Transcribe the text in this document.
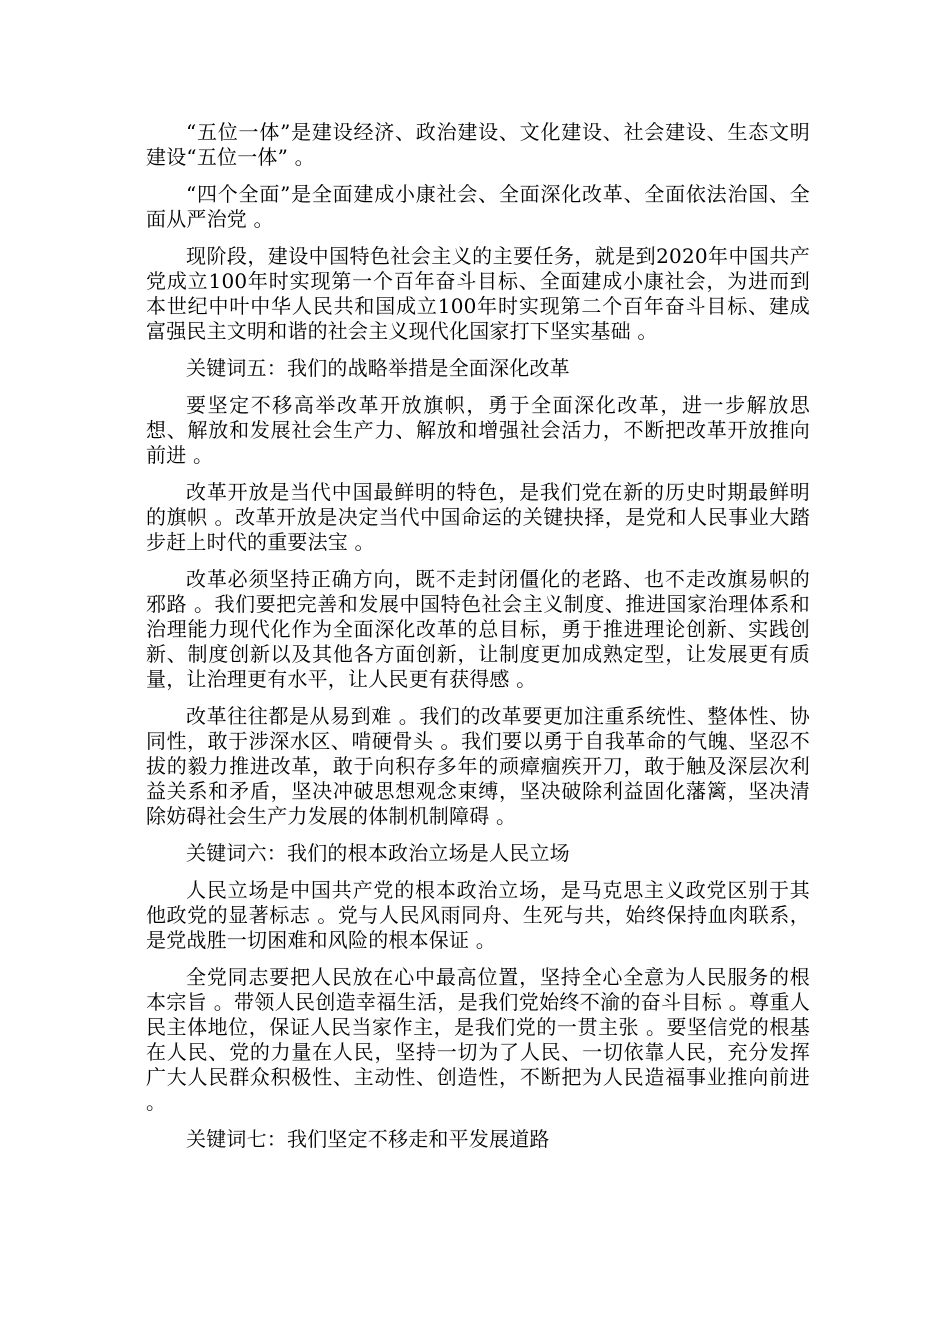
“五位一体”是建设经济、政治建设、文化建设、社会建设、生态文明建设“五位一体” 。

“四个全面”是全面建成小康社会、全面深化改革、全面依法治国、全面从严治党 。

现阶段，建设中国特色社会主义的主要任务，就是到2020年中国共产党成立100年时实现第一个百年奋斗目标、全面建成小康社会，为进而到本世纪中叶中华人民共和国成立100年时实现第二个百年奋斗目标、建成富强民主文明和谐的社会主义现代化国家打下坚实基础 。

关键词五：我们的战略举措是全面深化改革

要坚定不移高举改革开放旗帜，勇于全面深化改革，进一步解放思想、解放和发展社会生产力、解放和增强社会活力，不断把改革开放推向前进 。

改革开放是当代中国最鲜明的特色，是我们党在新的历史时期最鲜明的旗帜 。改革开放是决定当代中国命运的关键抉择，是党和人民事业大踏步赶上时代的重要法宝 。

改革必须坚持正确方向，既不走封闭僵化的老路、也不走改旗易帜的邪路 。我们要把完善和发展中国特色社会主义制度、推进国家治理体系和治理能力现代化作为全面深化改革的总目标，勇于推进理论创新、实践创新、制度创新以及其他各方面创新，让制度更加成熟定型，让发展更有质量，让治理更有水平，让人民更有获得感 。

改革往往都是从易到难 。我们的改革要更加注重系统性、整体性、协同性，敢于涉深水区、啃硬骨头 。我们要以勇于自我革命的气魄、坚忍不拔的毅力推进改革，敢于向积存多年的顽瘴痼疾开刀，敢于触及深层次利益关系和矛盾，坚决冲破思想观念束缚，坚决破除利益固化藩篱，坚决清除妨碍社会生产力发展的体制机制障碍 。

关键词六：我们的根本政治立场是人民立场

人民立场是中国共产党的根本政治立场，是马克思主义政党区别于其他政党的显著标志 。党与人民风雨同舟、生死与共，始终保持血肉联系，是党战胜一切困难和风险的根本保证 。

全党同志要把人民放在心中最高位置，坚持全心全意为人民服务的根本宗旨 。带领人民创造幸福生活，是我们党始终不渝的奋斗目标 。尊重人民主体地位，保证人民当家作主，是我们党的一贯主张 。要坚信党的根基在人民、党的力量在人民，坚持一切为了人民、一切依靠人民，充分发挥广大人民群众积极性、主动性、创造性，不断把为人民造福事业推向前进 。

关键词七：我们坚定不移走和平发展道路
